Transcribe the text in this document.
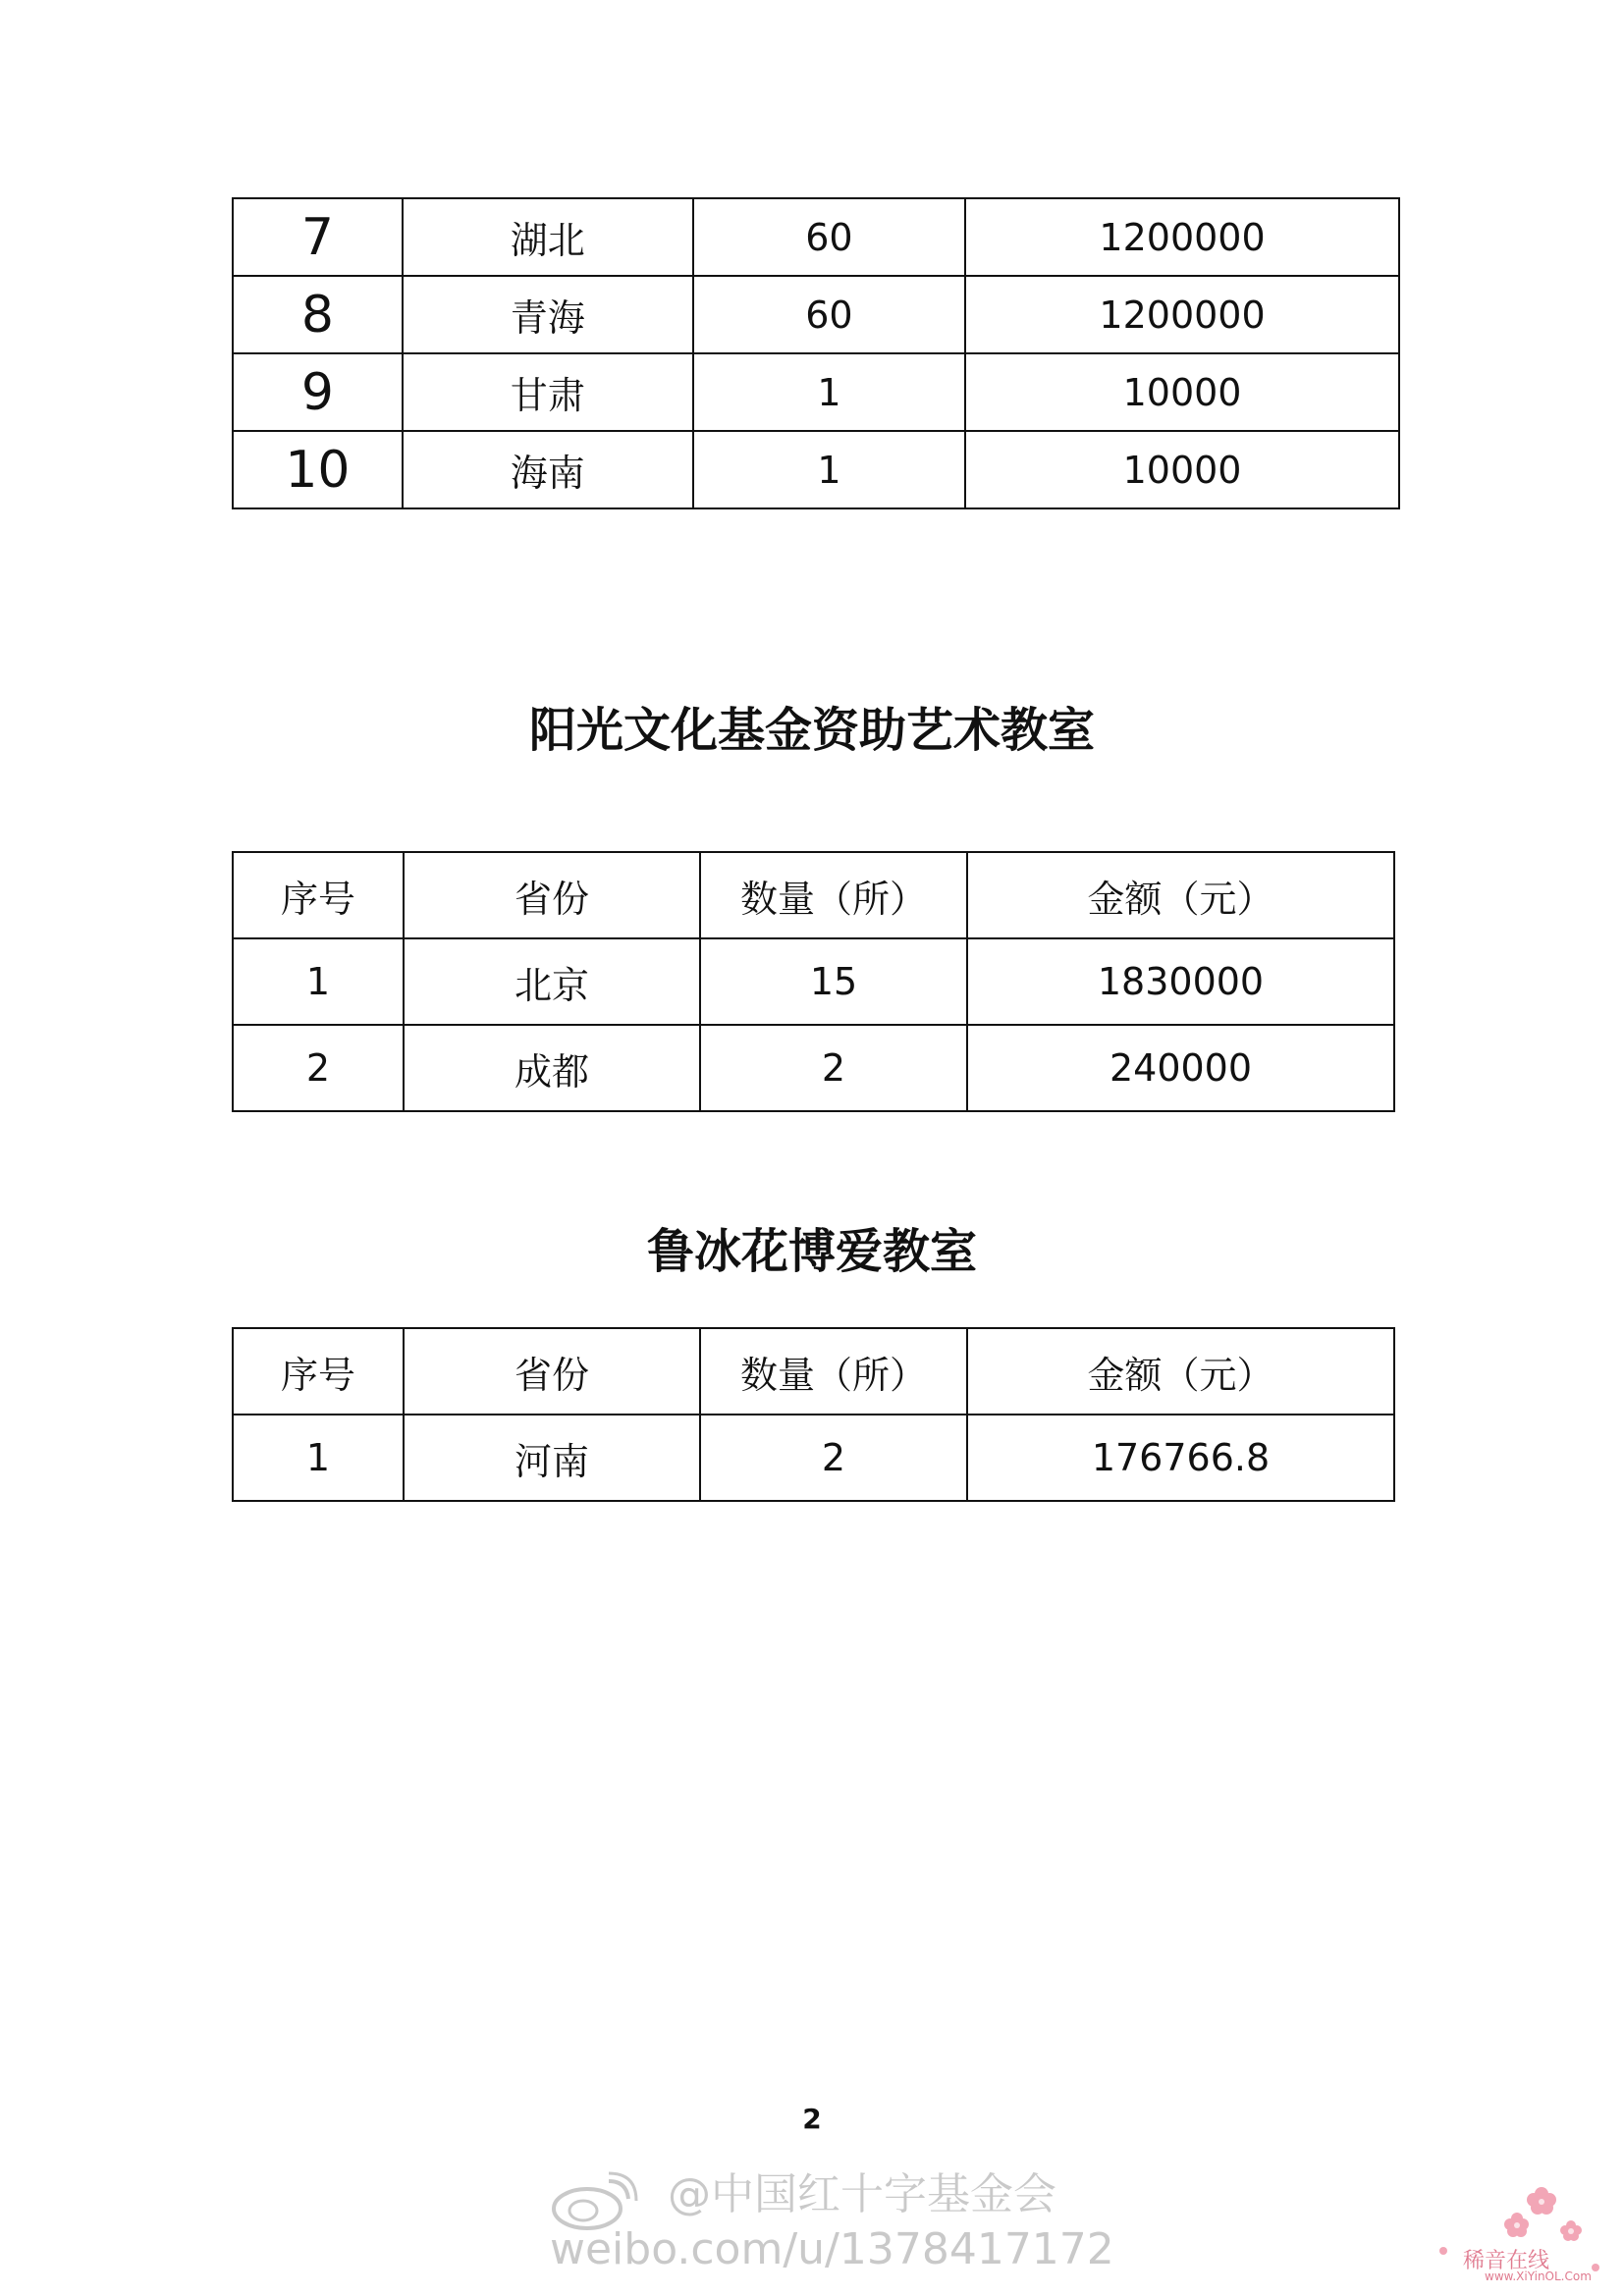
7	湖北	60	1200000
8	青海	60	1200000
9	甘肃	1	10000
10	海南	1	10000
阳光文化基金资助艺术教室
序号	省份	数量（所）	金额（元）
1	北京	15	1830000
2	成都	2	240000
鲁冰花博爱教室
序号	省份	数量（所）	金额（元）
1	河南	2	176766.8
2
@中国红十字基金会
weibo.com/u/1378417172	稀音在线
www.XiYinOL.Com
